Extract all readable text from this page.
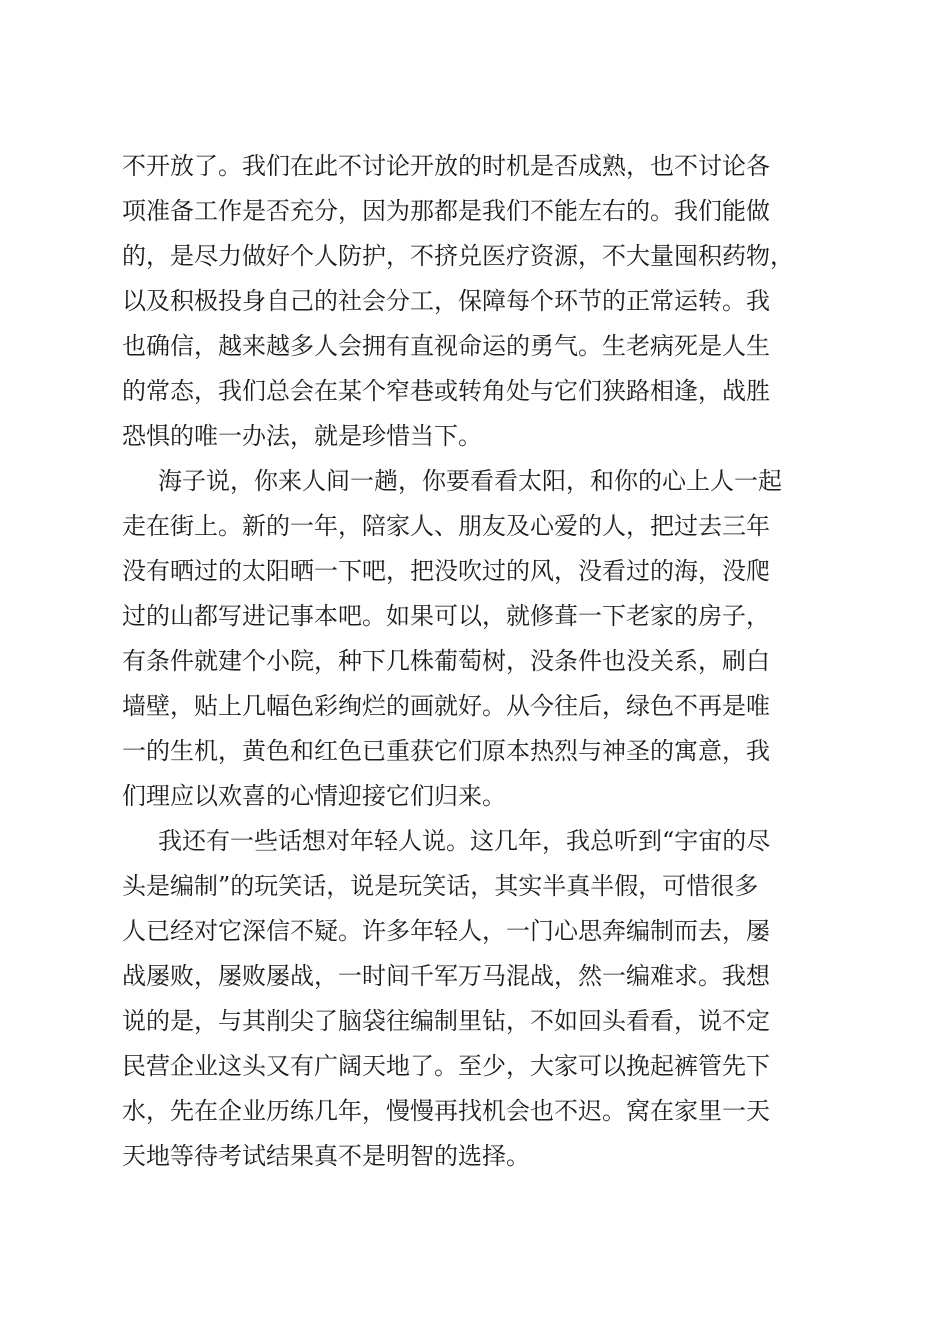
不开放了。我们在此不讨论开放的时机是否成熟，也不讨论各
项准备工作是否充分，因为那都是我们不能左右的。我们能做
的，是尽力做好个人防护，不挤兑医疗资源，不大量囤积药物，
以及积极投身自己的社会分工，保障每个环节的正常运转。我
也确信，越来越多人会拥有直视命运的勇气。生老病死是人生
的常态，我们总会在某个窄巷或转角处与它们狭路相逢，战胜
恐惧的唯一办法，就是珍惜当下。
海子说，你来人间一趟，你要看看太阳，和你的心上人一起
走在街上。新的一年，陪家人、朋友及心爱的人，把过去三年
没有晒过的太阳晒一下吧，把没吹过的风，没看过的海，没爬
过的山都写进记事本吧。如果可以，就修葺一下老家的房子，
有条件就建个小院，种下几株葡萄树，没条件也没关系，刷白
墙壁，贴上几幅色彩绚烂的画就好。从今往后，绿色不再是唯
一的生机，黄色和红色已重获它们原本热烈与神圣的寓意，我
们理应以欢喜的心情迎接它们归来。
我还有一些话想对年轻人说。这几年，我总听到“宇宙的尽
头是编制”的玩笑话，说是玩笑话，其实半真半假，可惜很多
人已经对它深信不疑。许多年轻人，一门心思奔编制而去，屡
战屡败，屡败屡战，一时间千军万马混战，然一编难求。我想
说的是，与其削尖了脑袋往编制里钻，不如回头看看，说不定
民营企业这头又有广阔天地了。至少，大家可以挽起裤管先下
水，先在企业历练几年，慢慢再找机会也不迟。窝在家里一天
天地等待考试结果真不是明智的选择。
